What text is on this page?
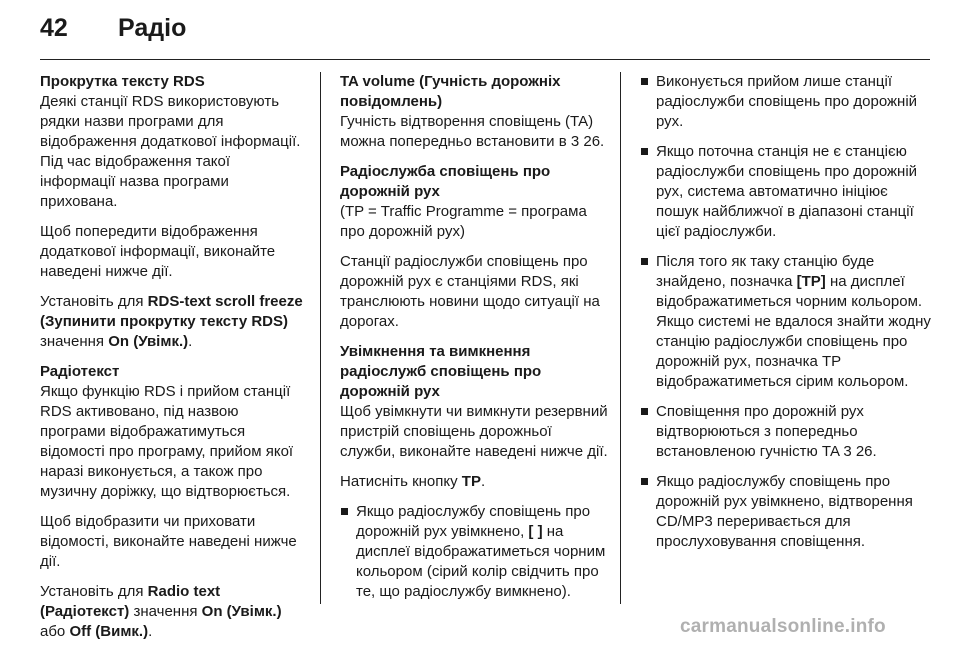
42 Радіо

Прокрутка тексту RDS
Деякі станції RDS використовують рядки назви програми для відображення додаткової інформації. Під час відображення такої інформації назва програми прихована.

Щоб попередити відображення додаткової інформації, виконайте наведені нижче дії.

Установіть для RDS-text scroll freeze (Зупинити прокрутку тексту RDS) значення On (Увімк.).

Радіотекст
Якщо функцію RDS і прийом станції RDS активовано, під назвою програми відображатимуться відомості про програму, прийом якої наразі виконується, а також про музичну доріжку, що відтворюється.

Щоб відобразити чи приховати відомості, виконайте наведені нижче дії.

Установіть для Radio text (Радіотекст) значення On (Увімк.) або Off (Вимк.).

TA volume (Гучність дорожніх повідомлень)
Гучність відтворення сповіщень (TA) можна попередньо встановити в 3 26.

Радіослужба сповіщень про дорожній рух
(TP = Traffic Programme = програма про дорожній рух)

Станції радіослужби сповіщень про дорожній рух є станціями RDS, які транслюють новини щодо ситуації на дорогах.

Увімкнення та вимкнення радіослужб сповіщень про дорожній рух
Щоб увімкнути чи вимкнути резервний пристрій сповіщень дорожньої служби, виконайте наведені нижче дії.

Натисніть кнопку TP.

Якщо радіослужбу сповіщень про дорожній рух увімкнено, [ ] на дисплеї відображатиметься чорним кольором (сірий колір свідчить про те, що радіослужбу вимкнено).
Виконується прийом лише станції радіослужби сповіщень про дорожній рух.
Якщо поточна станція не є станцією радіослужби сповіщень про дорожній рух, система автоматично ініціює пошук найближчої в діапазоні станції цієї радіослужби.
Після того як таку станцію буде знайдено, позначка [TP] на дисплеї відображатиметься чорним кольором. Якщо системі не вдалося знайти жодну станцію радіослужби сповіщень про дорожній рух, позначка TP відображатиметься сірим кольором.
Сповіщення про дорожній рух відтворюються з попередньо встановленою гучністю TA 3 26.
Якщо радіослужбу сповіщень про дорожній рух увімкнено, відтворення CD/MP3 переривається для прослуховування сповіщення.
carmanualsonline.info
